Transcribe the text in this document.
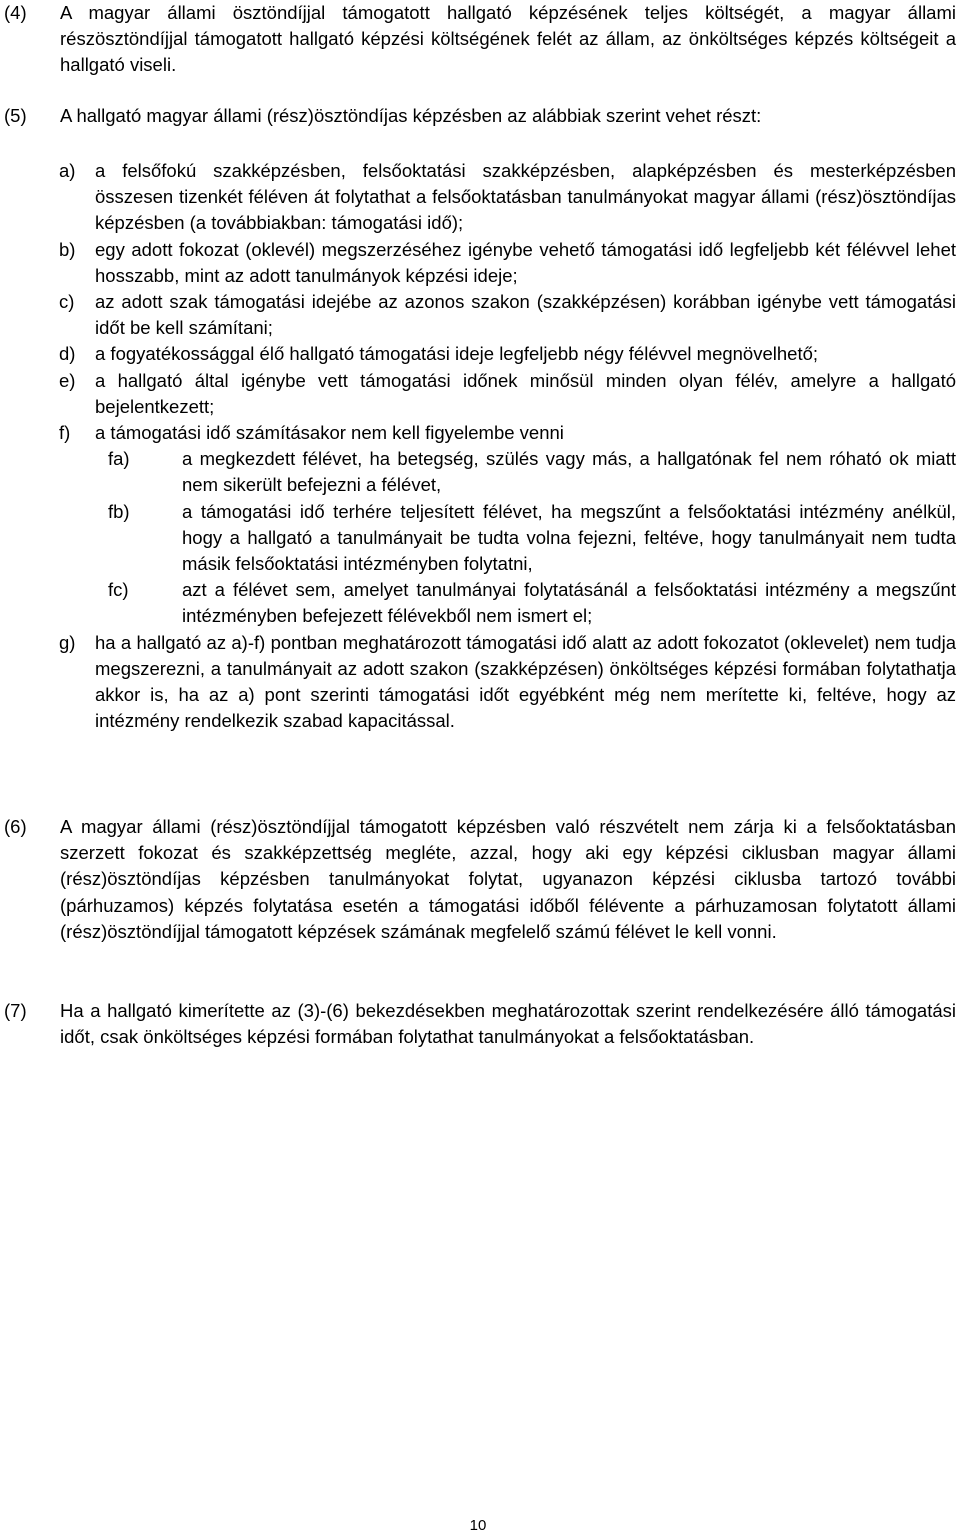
(4) A magyar állami ösztöndíjjal támogatott hallgató képzésének teljes költségét, a magyar állami részösztöndíjjal támogatott hallgató képzési költségének felét az állam, az önköltséges képzés költségeit a hallgató viseli.
(5) A hallgató magyar állami (rész)ösztöndíjas képzésben az alábbiak szerint vehet részt:
a) a felsőfokú szakképzésben, felsőoktatási szakképzésben, alapképzésben és mesterképzésben összesen tizenkét féléven át folytathat a felsőoktatásban tanulmányokat magyar állami (rész)ösztöndíjas képzésben (a továbbiakban: támogatási idő);
b) egy adott fokozat (oklevél) megszerzéséhez igénybe vehető támogatási idő legfeljebb két félévvel lehet hosszabb, mint az adott tanulmányok képzési ideje;
c) az adott szak támogatási idejébe az azonos szakon (szakképzésen) korábban igénybe vett támogatási időt be kell számítani;
d) a fogyatékossággal élő hallgató támogatási ideje legfeljebb négy félévvel megnövelhető;
e) a hallgató által igénybe vett támogatási időnek minősül minden olyan félév, amelyre a hallgató bejelentkezett;
f) a támogatási idő számításakor nem kell figyelembe venni
fa)	a megkezdett félévet, ha betegség, szülés vagy más, a hallgatónak fel nem róható ok miatt nem sikerült befejezni a félévet,
fb)	a támogatási idő terhére teljesített félévet, ha megszűnt a felsőoktatási intézmény anélkül, hogy a hallgató a tanulmányait be tudta volna fejezni, feltéve, hogy tanulmányait nem tudta másik felsőoktatási intézményben folytatni,
fc)	azt a félévet sem, amelyet tanulmányai folytatásánál a felsőoktatási intézmény a megszűnt intézményben befejezett félévekből nem ismert el;
g) ha a hallgató az a)-f) pontban meghatározott támogatási idő alatt az adott fokozatot (oklevelet) nem tudja megszerezni, a tanulmányait az adott szakon (szakképzésen) önköltséges képzési formában folytathatja akkor is, ha az a) pont szerinti támogatási időt egyébként még nem merítette ki, feltéve, hogy az intézmény rendelkezik szabad kapacitással.
(6) A magyar állami (rész)ösztöndíjjal támogatott képzésben való részvételt nem zárja ki a felsőoktatásban szerzett fokozat és szakképzettség megléte, azzal, hogy aki egy képzési ciklusban magyar állami (rész)ösztöndíjas képzésben tanulmányokat folytat, ugyanazon képzési ciklusba tartozó további (párhuzamos) képzés folytatása esetén a támogatási időből félévente a párhuzamosan folytatott állami (rész)ösztöndíjjal támogatott képzések számának megfelelő számú félévet le kell vonni.
(7) Ha a hallgató kimerítette az (3)-(6) bekezdésekben meghatározottak szerint rendelkezésére álló támogatási időt, csak önköltséges képzési formában folytathat tanulmányokat a felsőoktatásban.
10
